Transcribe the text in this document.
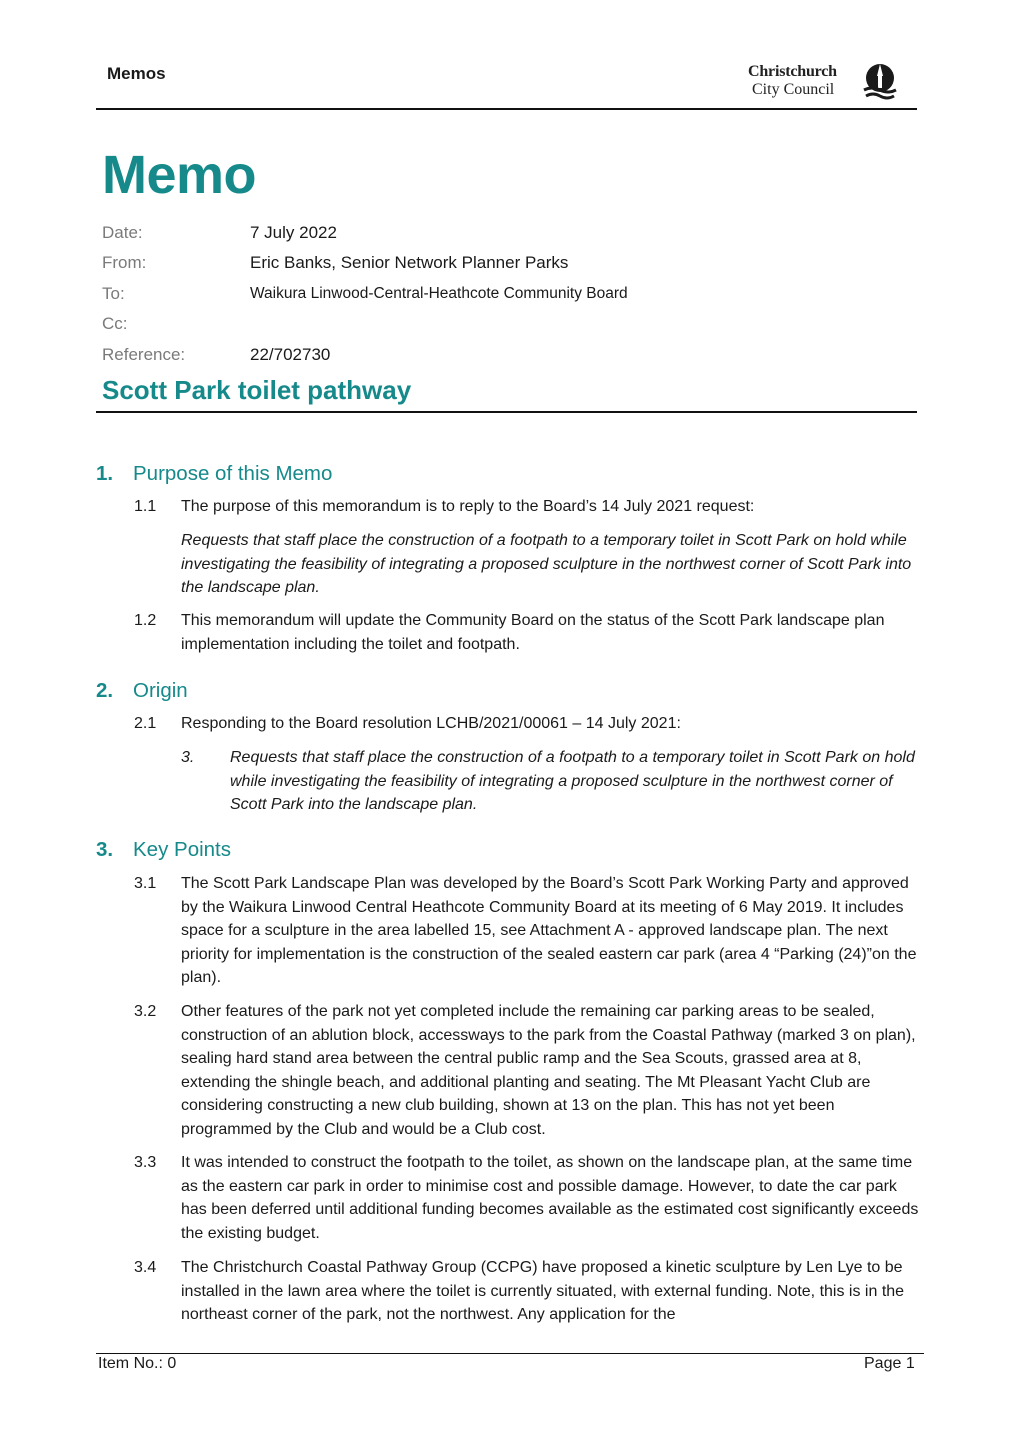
Memos	Christchurch
City Council
Memo
Date:	7 July 2022
From:	Eric Banks, Senior Network Planner Parks
To:	Waikura Linwood-Central-Heathcote Community Board
Cc:
Reference:	22/702730
Scott Park toilet pathway
1. Purpose of this Memo
1.1 The purpose of this memorandum is to reply to the Board’s 14 July 2021 request:
Requests that staff place the construction of a footpath to a temporary toilet in Scott Park on hold while investigating the feasibility of integrating a proposed sculpture in the northwest corner of Scott Park into the landscape plan.
1.2 This memorandum will update the Community Board on the status of the Scott Park landscape plan implementation including the toilet and footpath.
2. Origin
2.1 Responding to the Board resolution LCHB/2021/00061 – 14 July 2021:
3. Requests that staff place the construction of a footpath to a temporary toilet in Scott Park on hold while investigating the feasibility of integrating a proposed sculpture in the northwest corner of Scott Park into the landscape plan.
3. Key Points
3.1 The Scott Park Landscape Plan was developed by the Board’s Scott Park Working Party and approved by the Waikura Linwood Central Heathcote Community Board at its meeting of 6 May 2019. It includes space for a sculpture in the area labelled 15, see Attachment A - approved landscape plan. The next priority for implementation is the construction of the sealed eastern car park (area 4 “Parking (24)”on the plan).
3.2 Other features of the park not yet completed include the remaining car parking areas to be sealed, construction of an ablution block, accessways to the park from the Coastal Pathway (marked 3 on plan), sealing hard stand area between the central public ramp and the Sea Scouts, grassed area at 8, extending the shingle beach, and additional planting and seating. The Mt Pleasant Yacht Club are considering constructing a new club building, shown at 13 on the plan. This has not yet been programmed by the Club and would be a Club cost.
3.3 It was intended to construct the footpath to the toilet, as shown on the landscape plan, at the same time as the eastern car park in order to minimise cost and possible damage. However, to date the car park has been deferred until additional funding becomes available as the estimated cost significantly exceeds the existing budget.
3.4 The Christchurch Coastal Pathway Group (CCPG) have proposed a kinetic sculpture by Len Lye to be installed in the lawn area where the toilet is currently situated, with external funding. Note, this is in the northeast corner of the park, not the northwest. Any application for the
Item No.: 0	Page 1
